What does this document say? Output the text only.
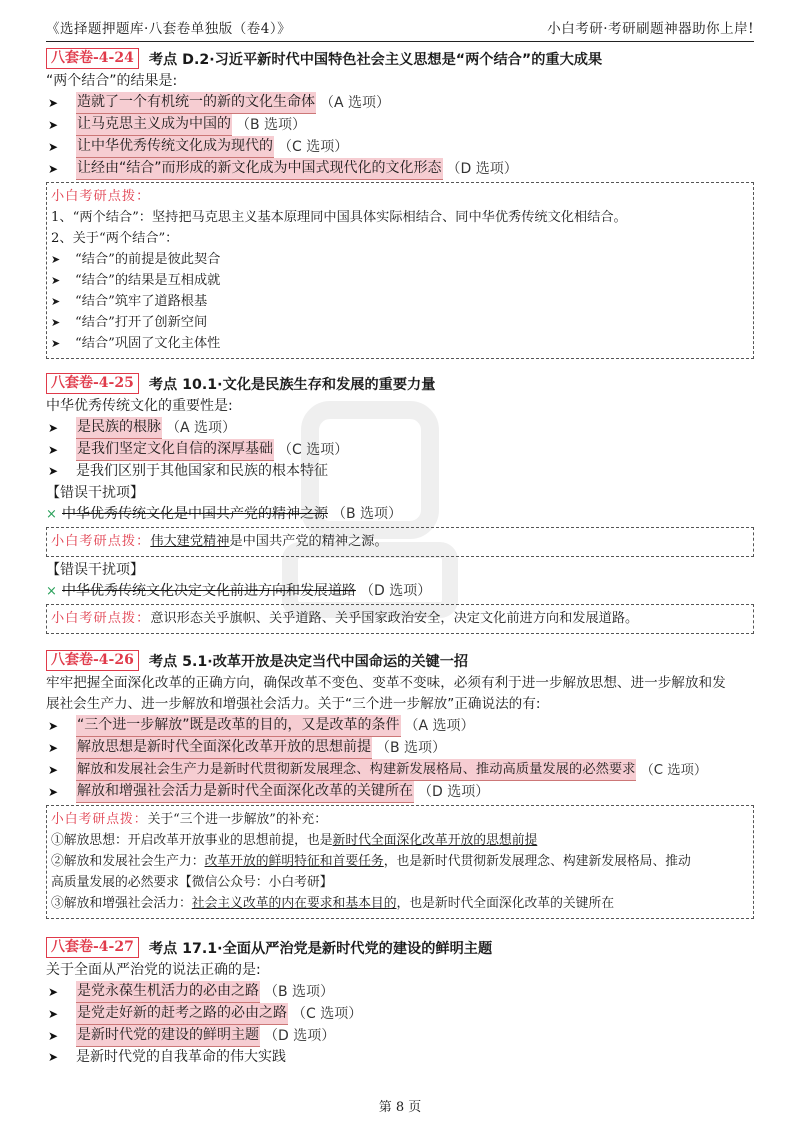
《选择题押题库·八套卷单独版（卷4）》	小白考研·考研刷题神器助你上岸!
八套卷-4-24	考点 D.2·习近平新时代中国特色社会主义思想是“两个结合”的重大成果
“两个结合”的结果是:
➤	造就了一个有机统一的新的文化生命体 （A 选项）
➤	让马克思主义成为中国的 （B 选项）
➤	让中华优秀传统文化成为现代的 （C 选项）
➤	让经由“结合”而形成的新文化成为中国式现代化的文化形态 （D 选项）
小白考研点拨：
1、“两个结合”：坚持把马克思主义基本原理同中国具体实际相结合、同中华优秀传统文化相结合。
2、关于“两个结合”：
➤ “结合”的前提是彼此契合
➤ “结合”的结果是互相成就
➤ “结合”筑牢了道路根基
➤ “结合”打开了创新空间
➤ “结合”巩固了文化主体性
八套卷-4-25	考点 10.1·文化是民族生存和发展的重要力量
中华优秀传统文化的重要性是:
➤	是民族的根脉 （A 选项）
➤	是我们坚定文化自信的深厚基础 （C 选项）
➤	是我们区别于其他国家和民族的根本特征
【错误干扰项】
× 中华优秀传统文化是中国共产党的精神之源 （B 选项）
小白考研点拨： 伟大建党精神 是中国共产党的精神之源。
【错误干扰项】
× 中华优秀传统文化决定文化前进方向和发展道路 （D 选项）
小白考研点拨： 意识形态关乎旗帜、关乎道路、关乎国家政治安全，决定文化前进方向和发展道路。
八套卷-4-26	考点 5.1·改革开放是决定当代中国命运的关键一招
牢牢把握全面深化改革的正确方向，确保改革不变色、变革不变味，必须有利于进一步解放思想、进一步解放和发
展社会生产力、进一步解放和增强社会活力。关于“三个进一步解放”正确说法的有:
➤	“三个进一步解放”既是改革的目的，又是改革的条件 （A 选项）
➤	解放思想是新时代全面深化改革开放的思想前提 （B 选项）
➤	解放和发展社会生产力是新时代贯彻新发展理念、构建新发展格局、推动高质量发展的必然要求 （C 选项）
➤	解放和增强社会活力是新时代全面深化改革的关键所在 （D 选项）
小白考研点拨：关于“三个进一步解放”的补充：
①解放思想：开启改革开放事业的思想前提，也是新时代全面深化改革开放的思想前提
②解放和发展社会生产力：改革开放的鲜明特征和首要任务，也是新时代贯彻新发展理念、构建新发展格局、推动
高质量发展的必然要求【微信公众号：小白考研】
③解放和增强社会活力：社会主义改革的内在要求和基本目的，也是新时代全面深化改革的关键所在
八套卷-4-27	考点 17.1·全面从严治党是新时代党的建设的鲜明主题
关于全面从严治党的说法正确的是:
➤	是党永葆生机活力的必由之路 （B 选项）
➤	是党走好新的赶考之路的必由之路 （C 选项）
➤	是新时代党的建设的鲜明主题 （D 选项）
➤	是新时代党的自我革命的伟大实践
第 8 页
